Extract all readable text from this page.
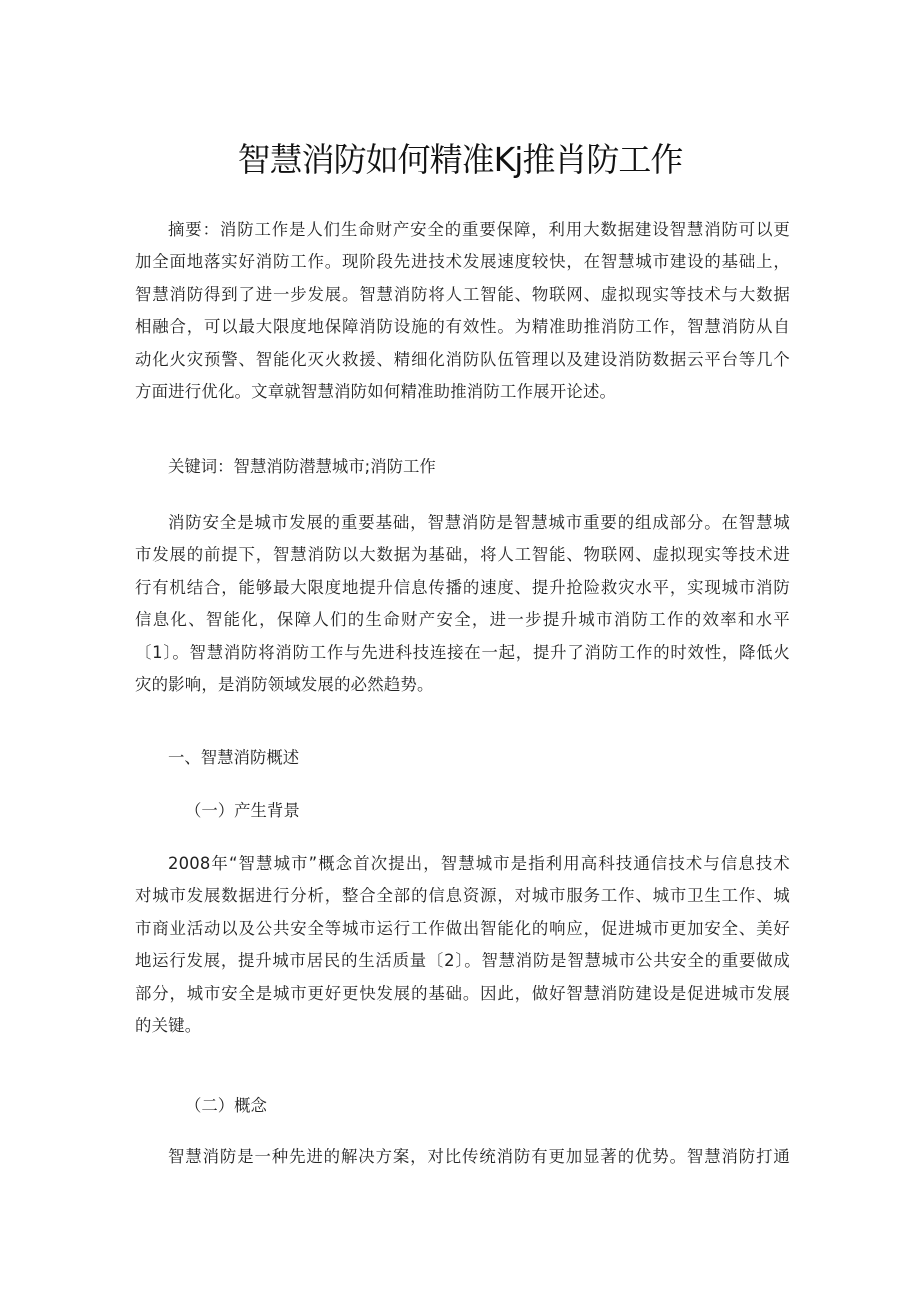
智慧消防如何精准Kj推肖防工作
摘要：消防工作是人们生命财产安全的重要保障，利用大数据建设智慧消防可以更
加全面地落实好消防工作。现阶段先进技术发展速度较快，在智慧城市建设的基础上，
智慧消防得到了进一步发展。智慧消防将人工智能、物联网、虚拟现实等技术与大数据
相融合，可以最大限度地保障消防设施的有效性。为精准助推消防工作，智慧消防从自
动化火灾预警、智能化灭火救援、精细化消防队伍管理以及建设消防数据云平台等几个
方面进行优化。文章就智慧消防如何精准助推消防工作展开论述。

关键词：智慧消防潜慧城市;消防工作

消防安全是城市发展的重要基础，智慧消防是智慧城市重要的组成部分。在智慧城
市发展的前提下，智慧消防以大数据为基础，将人工智能、物联网、虚拟现实等技术进
行有机结合，能够最大限度地提升信息传播的速度、提升抢险救灾水平，实现城市消防
信息化、智能化，保障人们的生命财产安全，进一步提升城市消防工作的效率和水平
〔1〕。智慧消防将消防工作与先进科技连接在一起，提升了消防工作的时效性，降低火
灾的影响，是消防领域发展的必然趋势。

一、智慧消防概述

（一）产生背景

2008年“智慧城市”概念首次提出，智慧城市是指利用高科技通信技术与信息技术
对城市发展数据进行分析，整合全部的信息资源，对城市服务工作、城市卫生工作、城
市商业活动以及公共安全等城市运行工作做出智能化的响应，促进城市更加安全、美好
地运行发展，提升城市居民的生活质量〔2〕。智慧消防是智慧城市公共安全的重要做成
部分，城市安全是城市更好更快发展的基础。因此，做好智慧消防建设是促进城市发展
的关键。

（二）概念

智慧消防是一种先进的解决方案，对比传统消防有更加显著的优势。智慧消防打通
